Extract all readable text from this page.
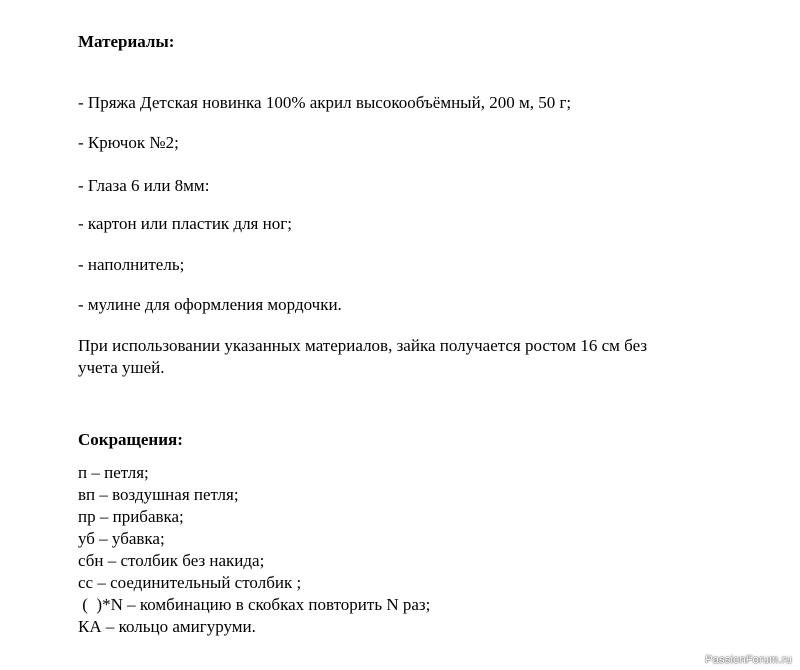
Материалы:
- Пряжа Детская новинка 100% акрил высокообъёмный, 200 м, 50 г;
- Крючок №2;
- Глаза 6 или 8мм:
- картон или пластик для ног;
- наполнитель;
- мулине для оформления мордочки.
При использовании указанных материалов, зайка получается ростом 16 см без
учета ушей.
Сокращения:
п – петля;
вп – воздушная петля;
пр – прибавка;
уб – убавка;
сбн – столбик без накида;
сс – соединительный столбик ;
(  )*N – комбинацию в скобках повторить N раз;
КА – кольцо амигуруми.
PassionForum.ru
